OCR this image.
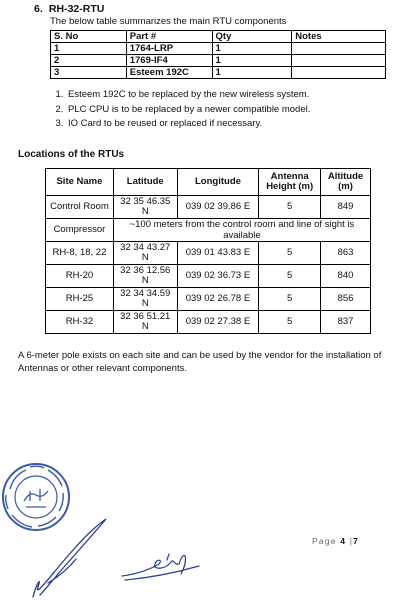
6. RH-32-RTU
The below table summarizes the main RTU components
S. No	Part #	Qty	Notes
1	1764-LRP	1	
2	1769-IF4	1	
3	Esteem 192C	1	
1. Esteem 192C to be replaced by the new wireless system.
2. PLC CPU is to be replaced by a newer compatible model.
3. IO Card to be reused or replaced if necessary.
Locations of the RTUs
Site Name	Latitude	Longitude	Antenna Height (m)	Altitude (m)
Control Room	32 35 46.35 N	039 02 39.86 E	5	849
Compressor	~100 meters from the control room and line of sight is available			
RH-8, 18, 22	32 34 43.27 N	039 01 43.83 E	5	863
RH-20	32 36 12.56 N	039 02 36.73 E	5	840
RH-25	32 34 34.59 N	039 02 26.78 E	5	856
RH-32	32 36 51.21 N	039 02 27.38 E	5	837
A 6-meter pole exists on each site and can be used by the vendor for the installation of Antennas or other relevant components.
Page 4 |7
